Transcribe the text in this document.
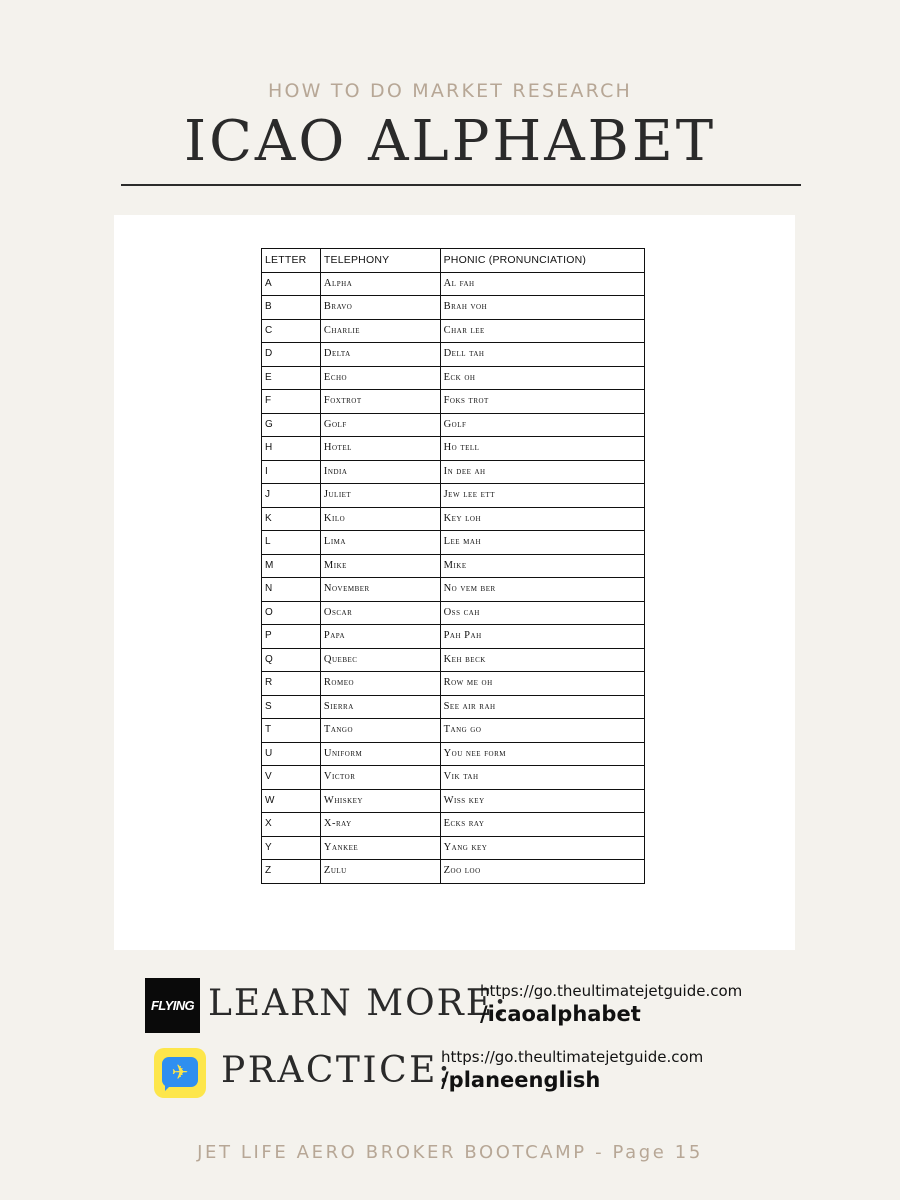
HOW TO DO MARKET RESEARCH
ICAO ALPHABET
LETTER	TELEPHONY	PHONIC (PRONUNCIATION)
A	Alpha	Al fah
B	Bravo	Brah voh
C	Charlie	Char lee
D	Delta	Dell tah
E	Echo	Eck oh
F	Foxtrot	Foks trot
G	Golf	Golf
H	Hotel	Ho tell
I	India	In dee ah
J	Juliet	Jew lee ett
K	Kilo	Key loh
L	Lima	Lee mah
M	Mike	Mike
N	November	No vem ber
O	Oscar	Oss cah
P	Papa	Pah Pah
Q	Quebec	Keh beck
R	Romeo	Row me oh
S	Sierra	See air rah
T	Tango	Tang go
U	Uniform	You nee form
V	Victor	Vik tah
W	Whiskey	Wiss key
X	X-ray	Ecks ray
Y	Yankee	Yang key
Z	Zulu	Zoo loo
FLYING LEARN MORE:
https://go.theultimatejetguide.com
/icaoalphabet
✈ PRACTICE:
https://go.theultimatejetguide.com
/planeenglish
JET LIFE AERO BROKER BOOTCAMP - Page 15
